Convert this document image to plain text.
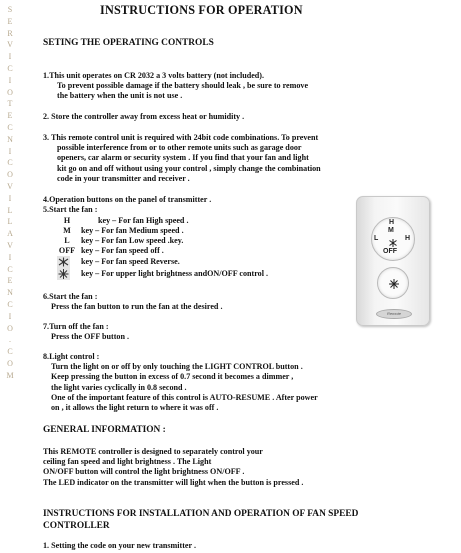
S
E
R
V
I
C
I
O
T
E
C
N
I
C
O
V
I
L
L
A
V
I
C
E
N
C
I
O
.
C
O
M
INSTRUCTIONS FOR OPERATION
SETING THE OPERATING CONTROLS
1.This unit operates on CR 2032 a 3 volts battery (not included).
To prevent possible damage if the battery should leak , be sure to remove
the battery when the unit is not use .
2. Store the controller away from excess heat or humidity .
3. This remote control unit is required with 24bit code combinations. To prevent
possible interference from or to other remote units such as garage door
openers, car alarm or security system . If you find that your fan and light
kit go on and off without using your control , simply change the combination
code in your transmitter and receiver .
4.Operation buttons on the panel of transmitter .
5.Start the fan :
H	key – For fan High speed .
M key – For fan Medium speed .
L key – For fan Low speed .key.
OFF key – For fan speed off .
key – For fan speed Reverse.
key – For upper light brightness andON/OFF control .
6.Start the fan :
Press the fan button to run the fan at the desired .
7.Turn off the fan :
Press the OFF button .
8.Light control :
Turn the light on or off by only touching the LIGHT CONTROL button .
Keep pressing the button in excess of 0.7 second it becomes a dimmer ,
the light varies cyclically in 0.8 second .
One of the important feature of this control is AUTO-RESUME . After power
on , it allows the light return to where it was off .
GENERAL INFORMATION :
This REMOTE controller is designed to separately control your
ceiling fan speed and light brightness . The Light
ON/OFF button will control the light brightness ON/OFF .
The LED indicator on the transmitter will light when the button is pressed .
INSTRUCTIONS FOR INSTALLATION AND OPERATION OF FAN SPEED
CONTROLLER
1. Setting the code on your new transmitter .
H
M
L	H
OFF
Remote
